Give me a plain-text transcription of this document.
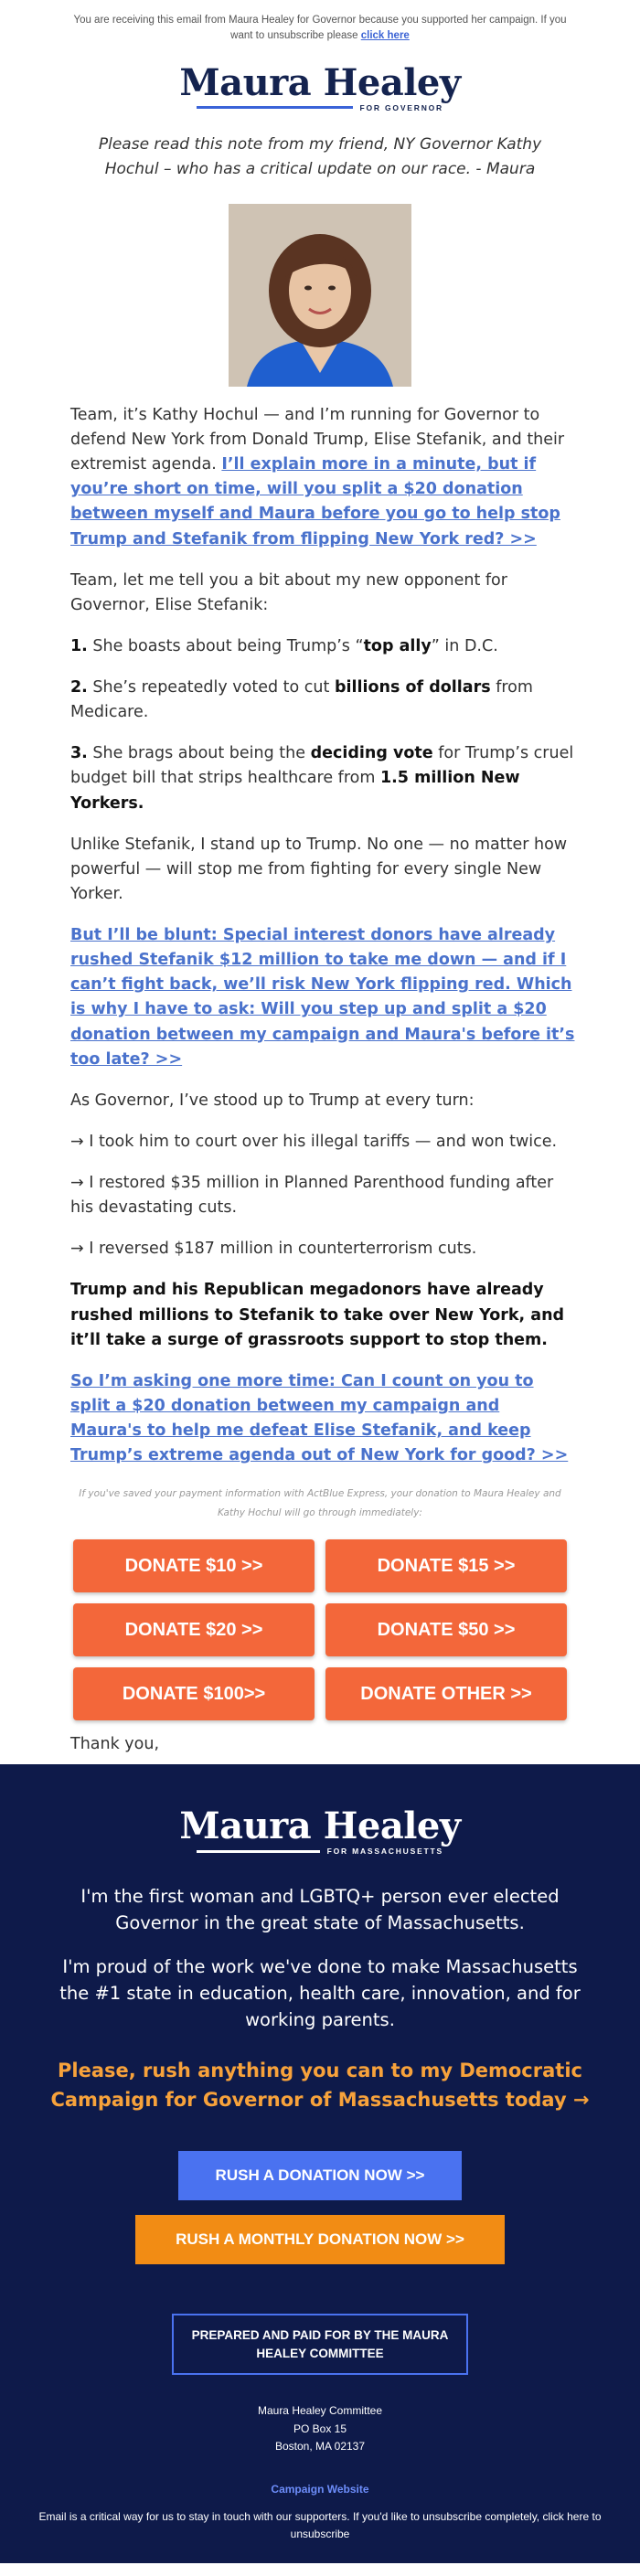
You are receiving this email from Maura Healey for Governor because you supported her campaign. If you want to unsubscribe please click here
Maura Healey
FOR GOVERNOR
Please read this note from my friend, NY Governor Kathy Hochul – who has a critical update on our race. - Maura

Team, it’s Kathy Hochul — and I’m running for Governor to defend New York from Donald Trump, Elise Stefanik, and their extremist agenda. I’ll explain more in a minute, but if you’re short on time, will you split a $20 donation between myself and Maura before you go to help stop Trump and Stefanik from flipping New York red? >>

Team, let me tell you a bit about my new opponent for Governor, Elise Stefanik:

1. She boasts about being Trump’s “top ally” in D.C.

2. She’s repeatedly voted to cut billions of dollars from Medicare.

3. She brags about being the deciding vote for Trump’s cruel budget bill that strips healthcare from 1.5 million New Yorkers.

Unlike Stefanik, I stand up to Trump. No one — no matter how powerful — will stop me from fighting for every single New Yorker.

But I’ll be blunt: Special interest donors have already rushed Stefanik $12 million to take me down — and if I can’t fight back, we’ll risk New York flipping red. Which is why I have to ask: Will you step up and split a $20 donation between my campaign and Maura's before it’s too late? >>

As Governor, I’ve stood up to Trump at every turn:

→ I took him to court over his illegal tariffs — and won twice.

→ I restored $35 million in Planned Parenthood funding after his devastating cuts.

→ I reversed $187 million in counterterrorism cuts.

Trump and his Republican megadonors have already rushed millions to Stefanik to take over New York, and it’ll take a surge of grassroots support to stop them.

So I’m asking one more time: Can I count on you to split a $20 donation between my campaign and Maura's to help me defeat Elise Stefanik, and keep Trump’s extreme agenda out of New York for good? >>

If you've saved your payment information with ActBlue Express, your donation to Maura Healey and Kathy Hochul will go through immediately:
DONATE $10 >>	DONATE $15 >>
DONATE $20 >>	DONATE $50 >>
DONATE $100>>	DONATE OTHER >>

Thank you,

Maura Healey
FOR MASSACHUSETTS
I'm the first woman and LGBTQ+ person ever elected Governor in the great state of Massachusetts.
I'm proud of the work we've done to make Massachusetts the #1 state in education, health care, innovation, and for working parents.
Please, rush anything you can to my Democratic Campaign for Governor of Massachusetts today →
RUSH A DONATION NOW >>
RUSH A MONTHLY DONATION NOW >>
PREPARED AND PAID FOR BY THE MAURA HEALEY COMMITTEE
Maura Healey Committee
PO Box 15
Boston, MA 02137
Campaign Website
Email is a critical way for us to stay in touch with our supporters. If you'd like to unsubscribe completely, click here to unsubscribe
